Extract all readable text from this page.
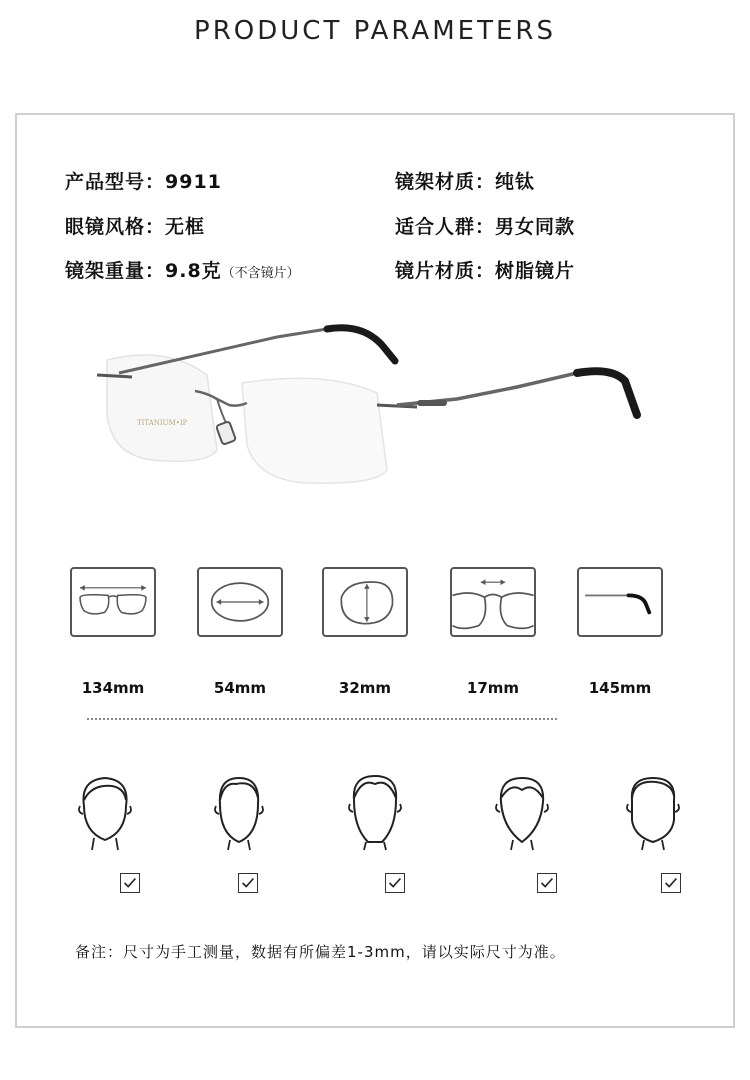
PRODUCT PARAMETERS
产品型号：9911	镜架材质：纯钛
眼镜风格：无框	适合人群：男女同款
镜架重量：9.8克（不含镜片）	镜片材质：树脂镜片
TITANIUM•IP
134mm	54mm	32mm	17mm	145mm
备注：尺寸为手工测量，数据有所偏差1-3mm，请以实际尺寸为准。
